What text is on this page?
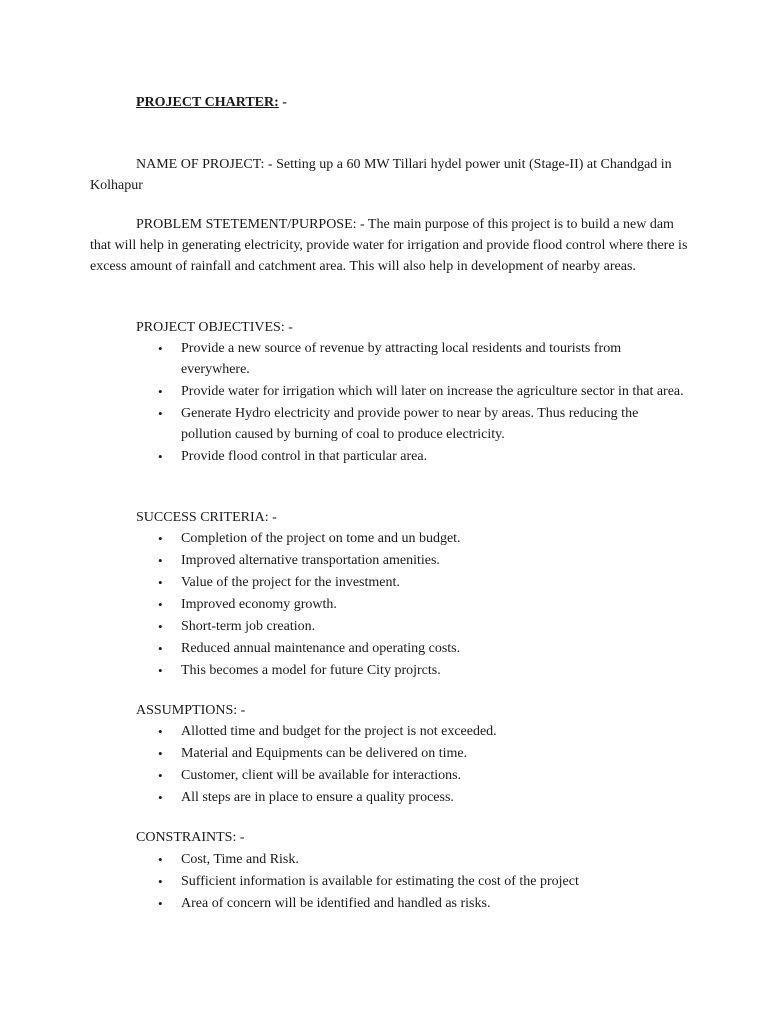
PROJECT CHARTER: -

NAME OF PROJECT: - Setting up a 60 MW Tillari hydel power unit (Stage-II) at Chandgad in Kolhapur

PROBLEM STETEMENT/PURPOSE: - The main purpose of this project is to build a new dam that will help in generating electricity, provide water for irrigation and provide flood control where there is excess amount of rainfall and catchment area. This will also help in development of nearby areas.

PROJECT OBJECTIVES: -

• Provide a new source of revenue by attracting local residents and tourists from everywhere.
• Provide water for irrigation which will later on increase the agriculture sector in that area.
• Generate Hydro electricity and provide power to near by areas. Thus reducing the pollution caused by burning of coal to produce electricity.
• Provide flood control in that particular area.

SUCCESS CRITERIA: -

• Completion of the project on tome and un budget.
• Improved alternative transportation amenities.
• Value of the project for the investment.
• Improved economy growth.
• Short-term job creation.
• Reduced annual maintenance and operating costs.
• This becomes a model for future City projrcts.

ASSUMPTIONS: -

• Allotted time and budget for the project is not exceeded.
• Material and Equipments can be delivered on time.
• Customer, client will be available for interactions.
• All steps are in place to ensure a quality process.

CONSTRAINTS: -

• Cost, Time and Risk.
• Sufficient information is available for estimating the cost of the project
• Area of concern will be identified and handled as risks.
